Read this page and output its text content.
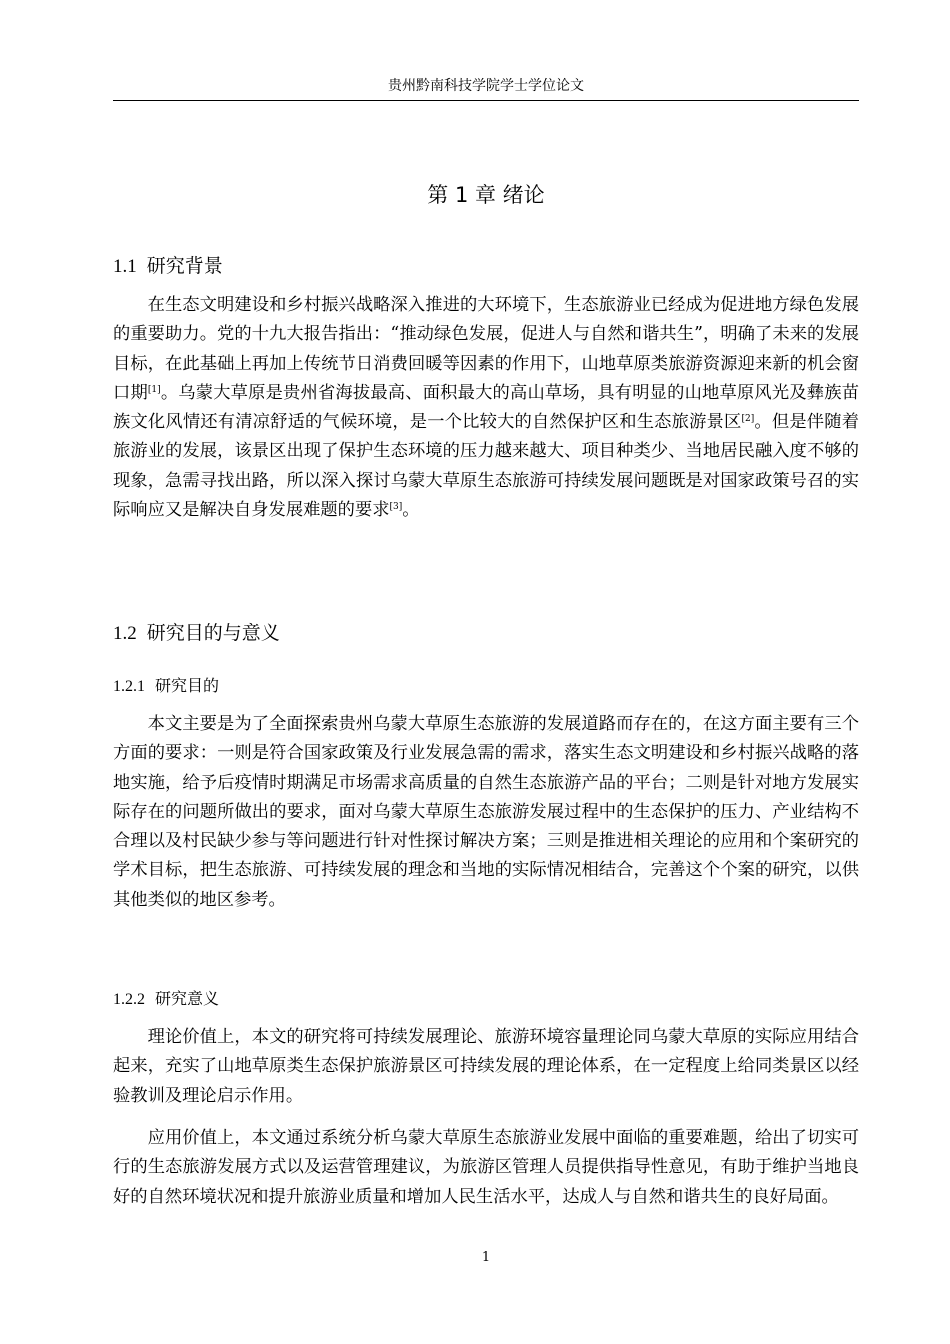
贵州黔南科技学院学士学位论文
第 1 章 绪论
1.1 研究背景

在生态文明建设和乡村振兴战略深入推进的大环境下，生态旅游业已经成为促进地方绿色发展的重要助力。党的十九大报告指出：“推动绿色发展，促进人与自然和谐共生”，明确了未来的发展目标，在此基础上再加上传统节日消费回暖等因素的作用下，山地草原类旅游资源迎来新的机会窗口期[1]。乌蒙大草原是贵州省海拔最高、面积最大的高山草场，具有明显的山地草原风光及彝族苗族文化风情还有清凉舒适的气候环境，是一个比较大的自然保护区和生态旅游景区[2]。但是伴随着旅游业的发展，该景区出现了保护生态环境的压力越来越大、项目种类少、当地居民融入度不够的现象，急需寻找出路，所以深入探讨乌蒙大草原生态旅游可持续发展问题既是对国家政策号召的实际响应又是解决自身发展难题的要求[3]。

1.2 研究目的与意义
1.2.1 研究目的

本文主要是为了全面探索贵州乌蒙大草原生态旅游的发展道路而存在的，在这方面主要有三个方面的要求：一则是符合国家政策及行业发展急需的需求，落实生态文明建设和乡村振兴战略的落地实施，给予后疫情时期满足市场需求高质量的自然生态旅游产品的平台；二则是针对地方发展实际存在的问题所做出的要求，面对乌蒙大草原生态旅游发展过程中的生态保护的压力、产业结构不合理以及村民缺少参与等问题进行针对性探讨解决方案；三则是推进相关理论的应用和个案研究的学术目标，把生态旅游、可持续发展的理念和当地的实际情况相结合，完善这个个案的研究，以供其他类似的地区参考。

1.2.2 研究意义

理论价值上，本文的研究将可持续发展理论、旅游环境容量理论同乌蒙大草原的实际应用结合起来，充实了山地草原类生态保护旅游景区可持续发展的理论体系，在一定程度上给同类景区以经验教训及理论启示作用。

应用价值上，本文通过系统分析乌蒙大草原生态旅游业发展中面临的重要难题，给出了切实可行的生态旅游发展方式以及运营管理建议，为旅游区管理人员提供指导性意见，有助于维护当地良好的自然环境状况和提升旅游业质量和增加人民生活水平，达成人与自然和谐共生的良好局面。

1
